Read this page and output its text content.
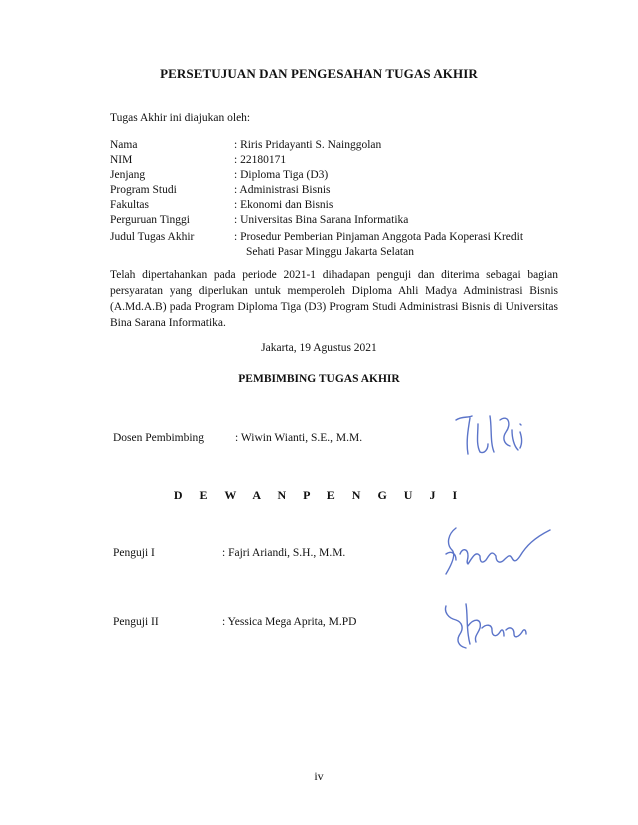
PERSETUJUAN DAN PENGESAHAN TUGAS AKHIR
Tugas Akhir ini diajukan oleh:
Nama	: Riris Pridayanti S. Nainggolan
NIM	: 22180171
Jenjang	: Diploma Tiga (D3)
Program Studi	: Administrasi Bisnis
Fakultas	: Ekonomi dan Bisnis
Perguruan Tinggi	: Universitas Bina Sarana Informatika
Judul Tugas Akhir	: Prosedur Pemberian Pinjaman Anggota Pada Koperasi Kredit
Sehati Pasar Minggu Jakarta Selatan
Telah dipertahankan pada periode 2021-1 dihadapan penguji dan diterima sebagai bagian persyaratan yang diperlukan untuk memperoleh Diploma Ahli Madya Administrasi Bisnis (A.Md.A.B) pada Program Diploma Tiga (D3) Program Studi Administrasi Bisnis di Universitas Bina Sarana Informatika.
Jakarta, 19 Agustus 2021
PEMBIMBING TUGAS AKHIR
Dosen Pembimbing	: Wiwin Wianti, S.E., M.M.
D E W A N P E N G U J I
Penguji I	: Fajri Ariandi, S.H., M.M.
Penguji II	: Yessica Mega Aprita, M.PD
iv
